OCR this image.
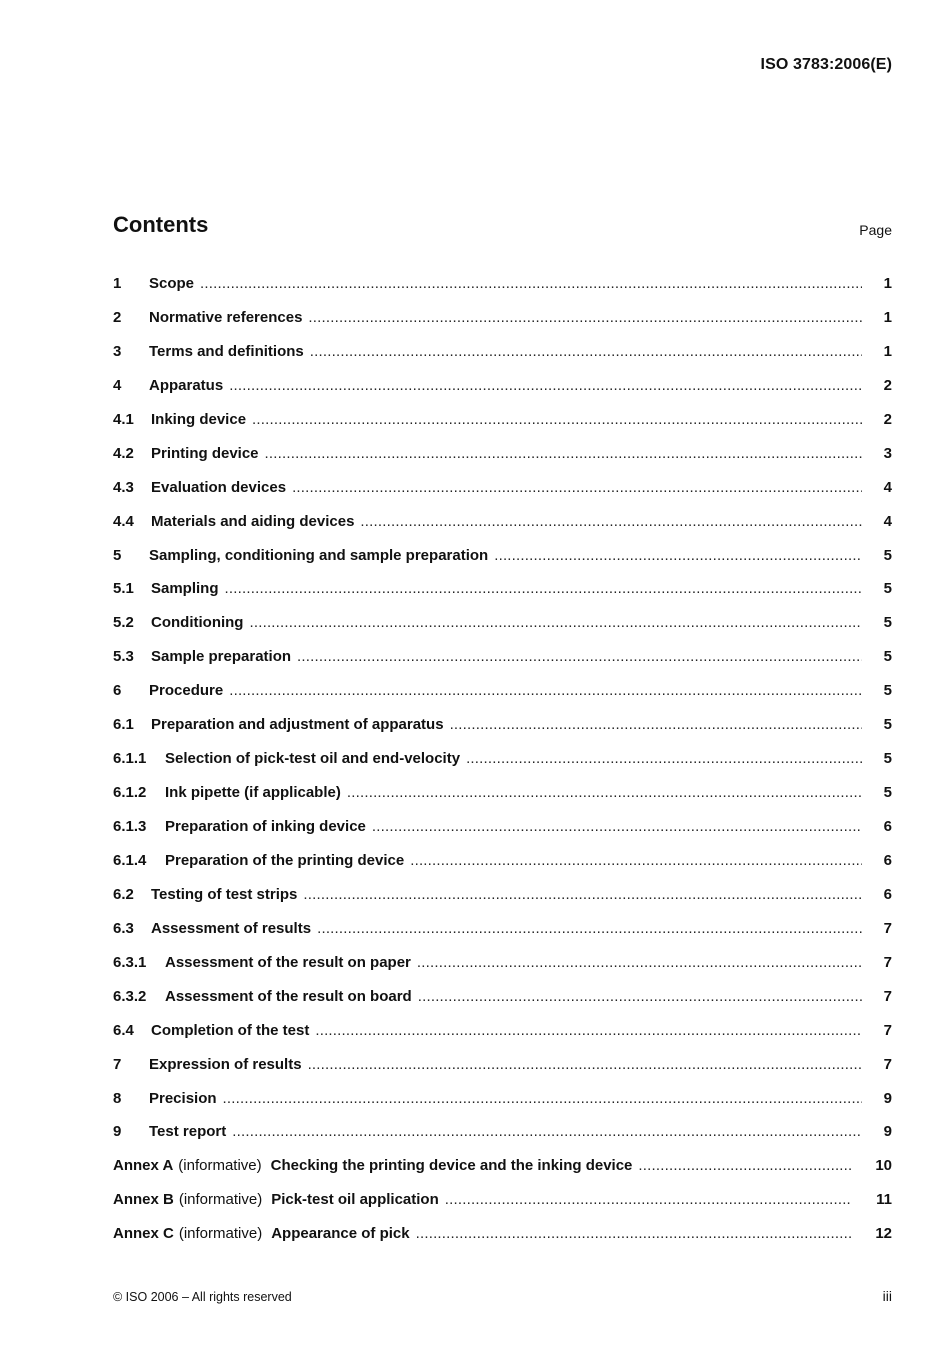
ISO 3783:2006(E)
Contents	Page
1	Scope .....	1
2	Normative references .....	1
3	Terms and definitions .....	1
4	Apparatus .....	2
4.1	Inking device .....	2
4.2	Printing device .....	3
4.3	Evaluation devices .....	4
4.4	Materials and aiding devices .....	4
5	Sampling, conditioning and sample preparation .....	5
5.1	Sampling .....	5
5.2	Conditioning .....	5
5.3	Sample preparation .....	5
6	Procedure .....	5
6.1	Preparation and adjustment of apparatus .....	5
6.1.1	Selection of pick-test oil and end-velocity .....	5
6.1.2	Ink pipette (if applicable) .....	5
6.1.3	Preparation of inking device .....	6
6.1.4	Preparation of the printing device .....	6
6.2	Testing of test strips .....	6
6.3	Assessment of results .....	7
6.3.1	Assessment of the result on paper .....	7
6.3.2	Assessment of the result on board .....	7
6.4	Completion of the test .....	7
7	Expression of results .....	7
8	Precision .....	9
9	Test report .....	9
Annex A (informative) Checking the printing device and the inking device .....	10
Annex B (informative) Pick-test oil application .....	11
Annex C (informative) Appearance of pick .....	12
© ISO 2006 – All rights reserved	iii
